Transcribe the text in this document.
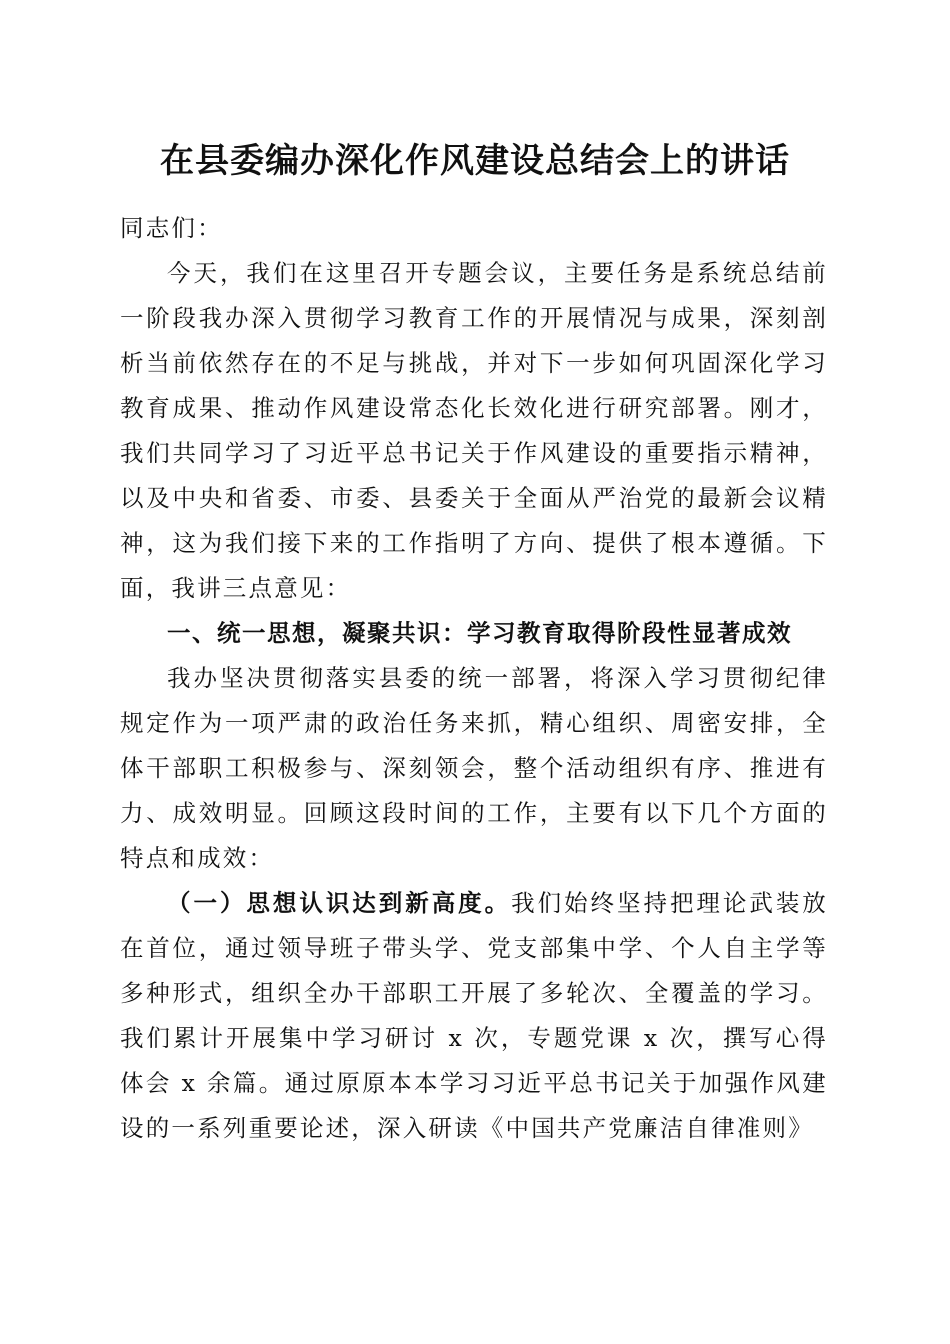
在县委编办深化作风建设总结会上的讲话

同志们：

今天，我们在这里召开专题会议，主要任务是系统总结前一阶段我办深入贯彻学习教育工作的开展情况与成果，深刻剖析当前依然存在的不足与挑战，并对下一步如何巩固深化学习教育成果、推动作风建设常态化长效化进行研究部署。刚才，我们共同学习了习近平总书记关于作风建设的重要指示精神，以及中央和省委、市委、县委关于全面从严治党的最新会议精神，这为我们接下来的工作指明了方向、提供了根本遵循。下面，我讲三点意见：

一、统一思想，凝聚共识：学习教育取得阶段性显著成效

我办坚决贯彻落实县委的统一部署，将深入学习贯彻纪律规定作为一项严肃的政治任务来抓，精心组织、周密安排，全体干部职工积极参与、深刻领会，整个活动组织有序、推进有力、成效明显。回顾这段时间的工作，主要有以下几个方面的特点和成效：

（一）思想认识达到新高度。我们始终坚持把理论武装放在首位，通过领导班子带头学、党支部集中学、个人自主学等多种形式，组织全办干部职工开展了多轮次、全覆盖的学习。我们累计开展集中学习研讨 x 次，专题党课 x 次，撰写心得体会 x 余篇。通过原原本本学习习近平总书记关于加强作风建设的一系列重要论述，深入研读《中国共产党廉洁自律准则》
